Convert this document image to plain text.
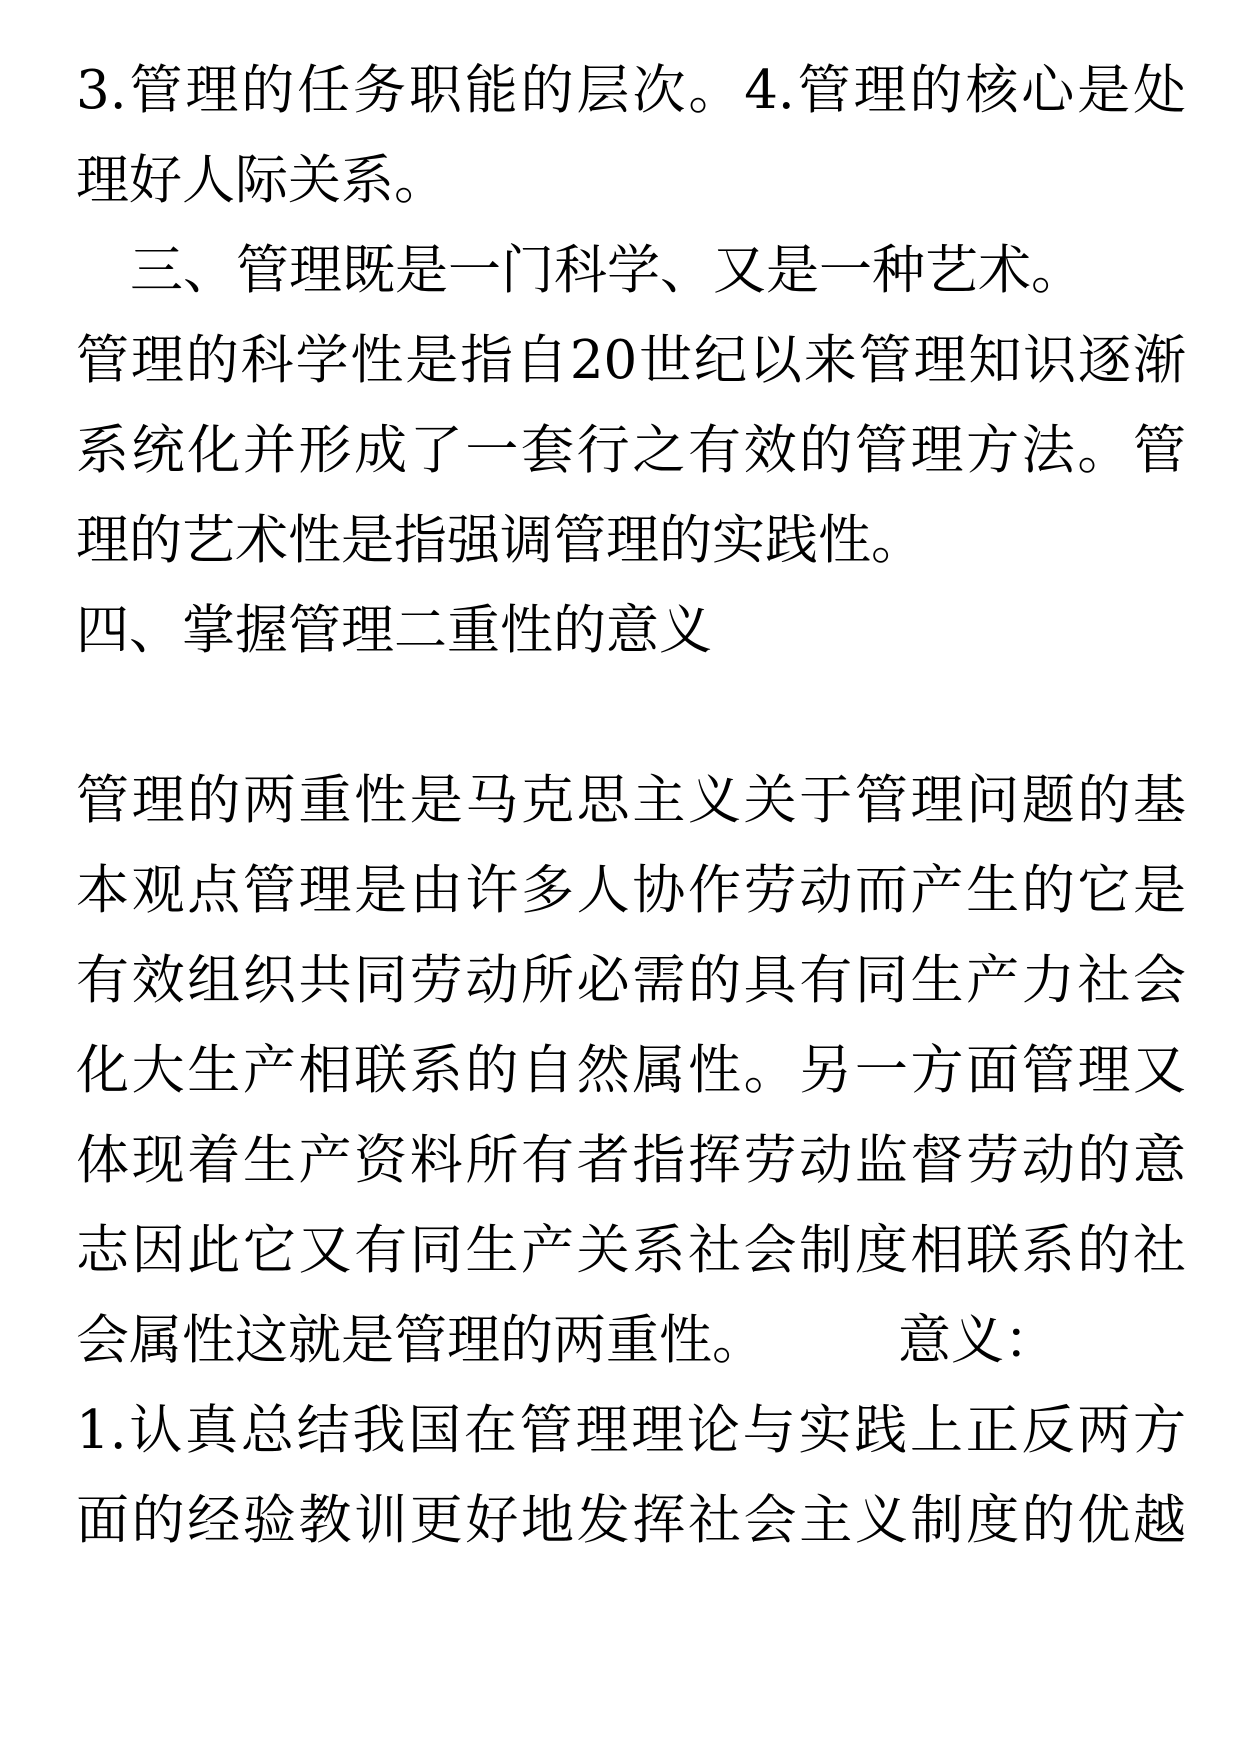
3.管理的任务职能的层次。4.管理的核心是处
理好人际关系。
三、管理既是一门科学、又是一种艺术。
管理的科学性是指自20世纪以来管理知识逐渐
系统化并形成了一套行之有效的管理方法。管
理的艺术性是指强调管理的实践性。
四、掌握管理二重性的意义
管理的两重性是马克思主义关于管理问题的基
本观点管理是由许多人协作劳动而产生的它是
有效组织共同劳动所必需的具有同生产力社会
化大生产相联系的自然属性。另一方面管理又
体现着生产资料所有者指挥劳动监督劳动的意
志因此它又有同生产关系社会制度相联系的社
会属性这就是管理的两重性。	意义：
1.认真总结我国在管理理论与实践上正反两方
面的经验教训更好地发挥社会主义制度的优越
